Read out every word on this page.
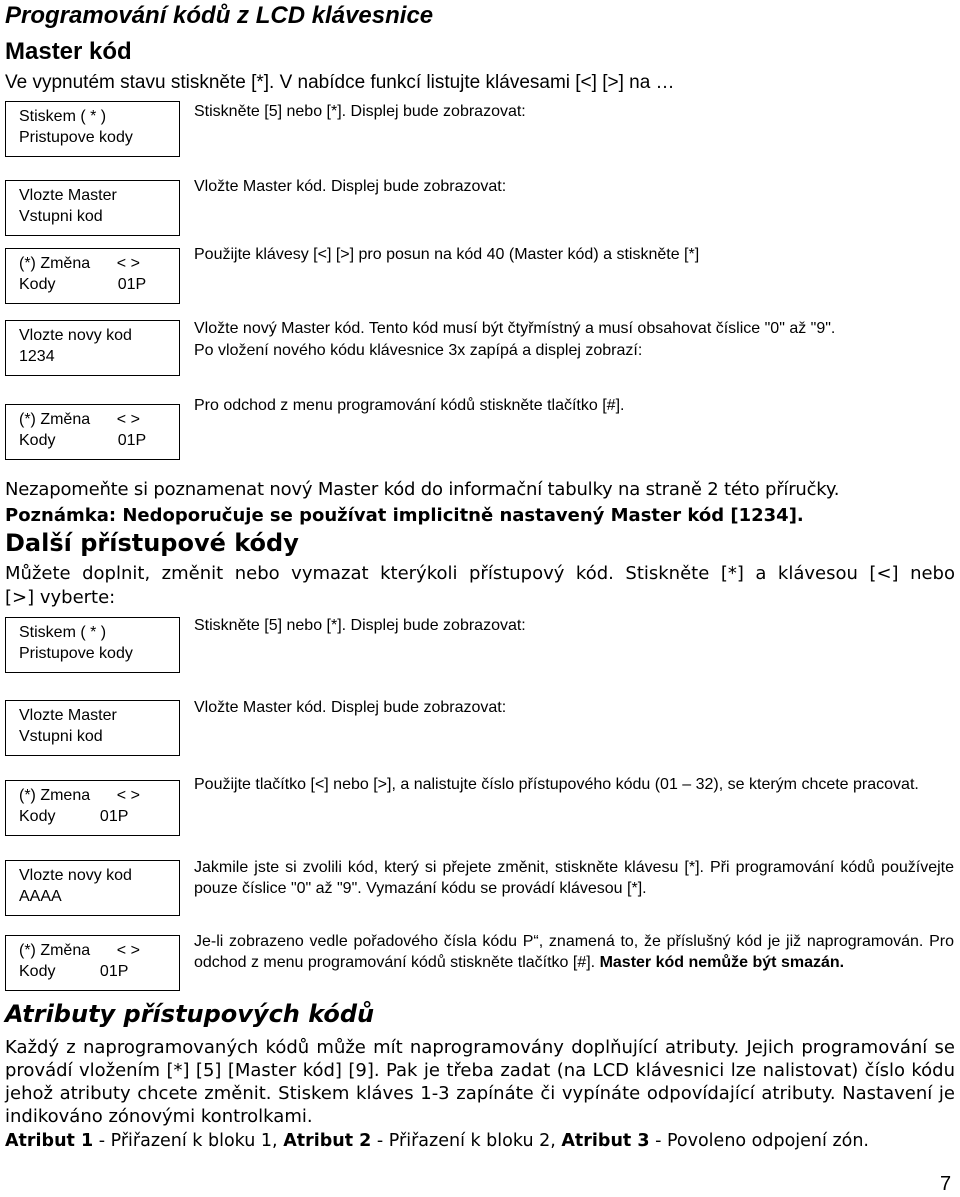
Programování kódů z LCD klávesnice
Master kód
Ve vypnutém stavu stiskněte [*]. V nabídce funkcí listujte klávesami [<] [>] na …
Stiskem ( * )
Pristupove kody
Vlozte Master
Vstupni kod
(*) Změna      < >
Kody              01P
Vlozte novy kod
1234
(*) Změna      < >
Kody              01P
Stiskněte [5] nebo [*]. Displej bude zobrazovat:
Vložte Master kód. Displej bude zobrazovat:
Použijte klávesy [<] [>] pro posun na kód 40 (Master kód) a stiskněte [*]
Vložte nový Master kód. Tento kód musí být čtyřmístný a musí obsahovat číslice "0" až "9".
Po vložení nového kódu klávesnice 3x zapípá a displej zobrazí:
Pro odchod z menu programování kódů stiskněte tlačítko [#].
Nezapomeňte si poznamenat nový Master kód do informační tabulky na straně 2 této příručky.
Poznámka: Nedoporučuje se používat implicitně nastavený Master kód [1234].
Další přístupové kódy
Můžete doplnit, změnit nebo vymazat kterýkoli přístupový kód. Stiskněte [*] a klávesou [<] nebo
[>] vyberte:
Stiskem ( * )
Pristupove kody
Vlozte Master
Vstupni kod
(*) Zmena      < >
Kody          01P
Vlozte novy kod
AAAA
(*) Změna      < >
Kody          01P
Stiskněte [5] nebo [*]. Displej bude zobrazovat:
Vložte Master kód. Displej bude zobrazovat:
Použijte tlačítko [<] nebo [>], a nalistujte číslo přístupového kódu (01 – 32), se kterým chcete pracovat.
Jakmile jste si zvolili kód, který si přejete změnit, stiskněte klávesu [*]. Při programování kódů používejte pouze číslice "0" až "9". Vymazání kódu se provádí klávesou [*].
Je-li zobrazeno vedle pořadového čísla kódu P“, znamená to, že příslušný kód je již naprogramován. Pro odchod z menu programování kódů stiskněte tlačítko [#]. Master kód nemůže být smazán.
Atributy přístupových kódů
Každý z naprogramovaných kódů může mít naprogramovány doplňující atributy. Jejich programování se provádí vložením [*] [5] [Master kód] [9]. Pak je třeba zadat (na LCD klávesnici lze nalistovat) číslo kódu jehož atributy chcete změnit. Stiskem kláves 1-3 zapínáte či vypínáte odpovídající atributy. Nastavení je indikováno zónovými kontrolkami.
Atribut 1 - Přiřazení k bloku 1, Atribut 2 - Přiřazení k bloku 2, Atribut 3 - Povoleno odpojení zón.
7
